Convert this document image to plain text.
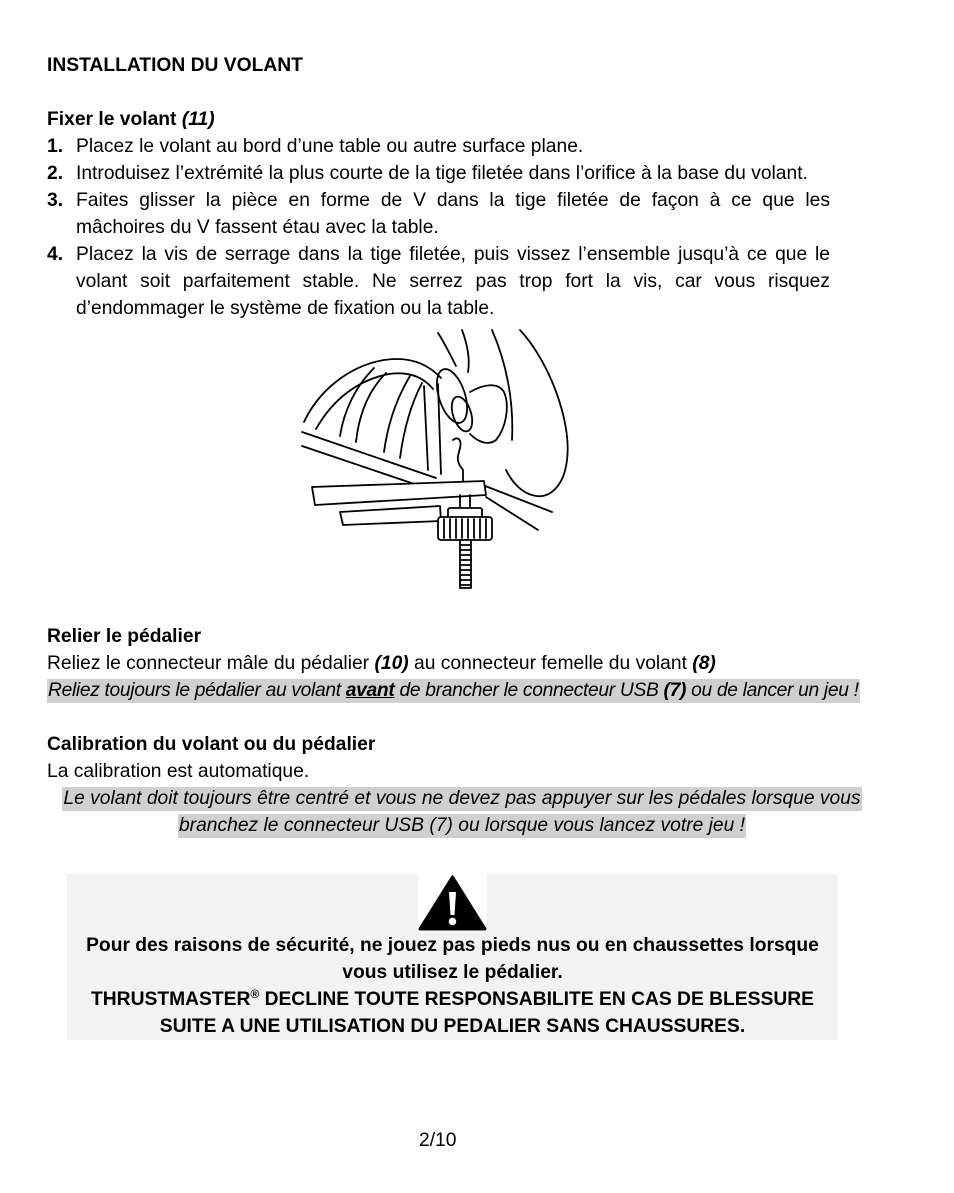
INSTALLATION DU VOLANT
Fixer le volant (11)
1. Placez le volant au bord d’une table ou autre surface plane.
2. Introduisez l’extrémité la plus courte de la tige filetée dans l’orifice à la base du volant.
3. Faites glisser la pièce en forme de V dans la tige filetée de façon à ce que les
mâchoires du V fassent étau avec la table.
4. Placez la vis de serrage dans la tige filetée, puis vissez l’ensemble jusqu’à ce que le
volant soit parfaitement stable. Ne serrez pas trop fort la vis, car vous risquez
d’endommager le système de fixation ou la table.
Relier le pédalier
Reliez le connecteur mâle du pédalier (10) au connecteur femelle du volant (8)
Reliez toujours le pédalier au volant avant de brancher le connecteur USB (7) ou de lancer un jeu !
Calibration du volant ou du pédalier
La calibration est automatique.
Le volant doit toujours être centré et vous ne devez pas appuyer sur les pédales lorsque vous
branchez le connecteur USB (7) ou lorsque vous lancez votre jeu !
Pour des raisons de sécurité, ne jouez pas pieds nus ou en chaussettes lorsque
vous utilisez le pédalier.
THRUSTMASTER® DECLINE TOUTE RESPONSABILITE EN CAS DE BLESSURE
SUITE A UNE UTILISATION DU PEDALIER SANS CHAUSSURES.
2/10
